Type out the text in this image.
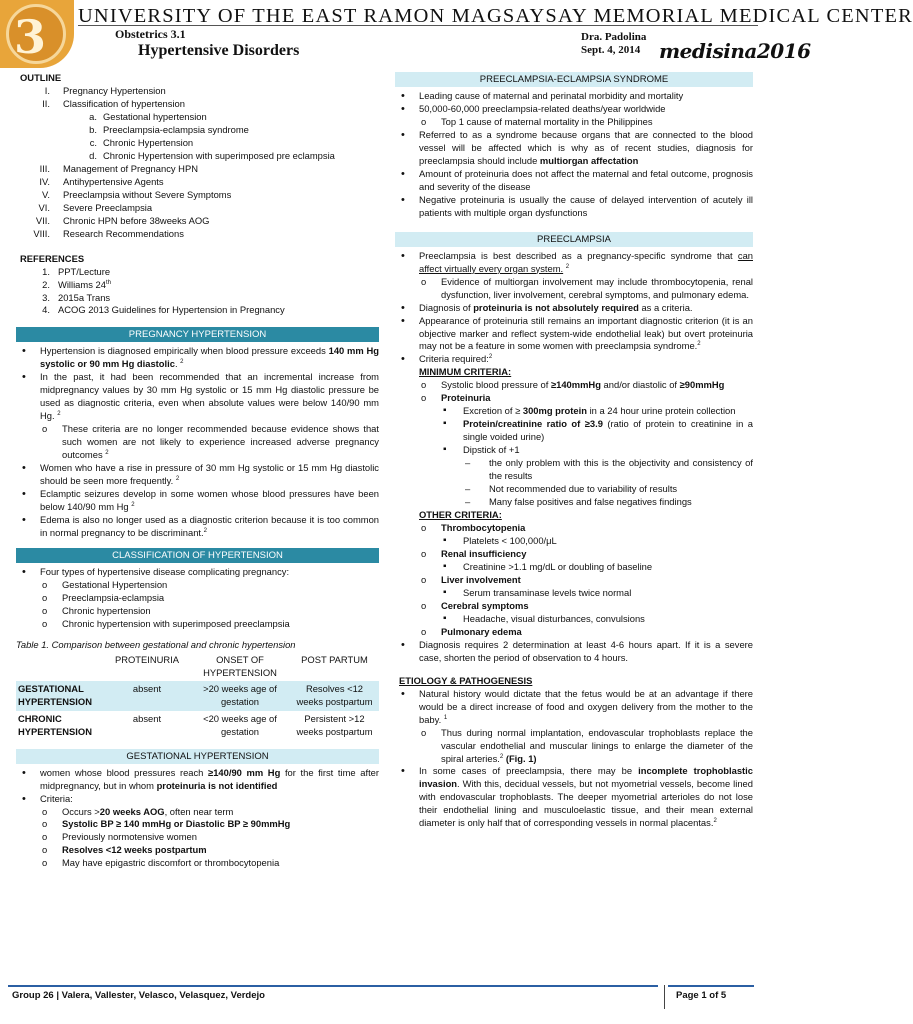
3 UNIVERSITY OF THE EAST RAMON MAGSAYSAY MEMORIAL MEDICAL CENTER
Obstetrics 3.1
Hypertensive Disorders
Dra. Padolina
Sept. 4, 2014 medisina2016
OUTLINE
I. Pregnancy Hypertension
II. Classification of hypertension
a. Gestational hypertension
b. Preeclampsia-eclampsia syndrome
c. Chronic Hypertension
d. Chronic Hypertension with superimposed pre eclampsia
III. Management of Pregnancy HPN
IV. Antihypertensive Agents
V. Preeclampsia without Severe Symptoms
VI. Severe Preeclampsia
VII. Chronic HPN before 38weeks AOG
VIII. Research Recommendations
REFERENCES
1. PPT/Lecture
2. Williams 24th
3. 2015a Trans
4. ACOG 2013 Guidelines for Hypertension in Pregnancy
PREGNANCY HYPERTENSION
• Hypertension is diagnosed empirically when blood pressure exceeds 140 mm Hg systolic or 90 mm Hg diastolic. $^2$
• In the past, it had been recommended that an incremental increase from midpregnancy values by 30 mm Hg systolic or 15 mm Hg diastolic pressure be used as diagnostic criteria, even when absolute values were below 140/90 mm Hg. $^2$
o These criteria are no longer recommended because evidence shows that such women are not likely to experience increased adverse pregnancy outcomes $^2$
• Women who have a rise in pressure of 30 mm Hg systolic or 15 mm Hg diastolic should be seen more frequently. $^2$
• Eclamptic seizures develop in some women whose blood pressures have been below 140/90 mm Hg $^2$
• Edema is also no longer used as a diagnostic criterion because it is too common in normal pregnancy to be discriminant.$^2$
CLASSIFICATION OF HYPERTENSION
• Four types of hypertensive disease complicating pregnancy:
o Gestational Hypertension
o Preeclampsia-eclampsia
o Chronic hypertension
o Chronic hypertension with superimposed preeclampsia
Table 1. Comparison between gestational and chronic hypertension
	PROTEINURIA	ONSET OF HYPERTENSION	POST PARTUM
GESTATIONAL HYPERTENSION	absent	>20 weeks age of gestation	Resolves <12 weeks postpartum
CHRONIC HYPERTENSION	absent	<20 weeks age of gestation	Persistent >12 weeks postpartum
GESTATIONAL HYPERTENSION
• women whose blood pressures reach ≥140/90 mm Hg for the first time after midpregnancy, but in whom proteinuria is not identified
• Criteria:
o Occurs >20 weeks AOG, often near term
o Systolic BP ≥ 140 mmHg or Diastolic BP ≥ 90mmHg
o Previously normotensive women
o Resolves <12 weeks postpartum
o May have epigastric discomfort or thrombocytopenia
PREECLAMPSIA-ECLAMPSIA SYNDROME
• Leading cause of maternal and perinatal morbidity and mortality
• 50,000-60,000 preeclampsia-related deaths/year worldwide
o Top 1 cause of maternal mortality in the Philippines
• Referred to as a syndrome because organs that are connected to the blood vessel will be affected which is why as of recent studies, diagnosis for preeclampsia should include multiorgan affectation
• Amount of proteinuria does not affect the maternal and fetal outcome, prognosis and severity of the disease
• Negative proteinuria is usually the cause of delayed intervention of acutely ill patients with multiple organ dysfunctions
PREECLAMPSIA
• Preeclampsia is best described as a pregnancy-specific syndrome that can affect virtually every organ system. $^2$
o Evidence of multiorgan involvement may include thrombocytopenia, renal dysfunction, liver involvement, cerebral symptoms, and pulmonary edema.
• Diagnosis of proteinuria is not absolutely required as a criteria.
• Appearance of proteinuria still remains an important diagnostic criterion (it is an objective marker and reflect system-wide endothelial leak) but overt proteinuria may not be a feature in some women with preeclampsia syndrome.$^2$
• Criteria required:$^2$
MINIMUM CRITERIA:
o Systolic blood pressure of ≥140mmHg and/or diastolic of ≥90mmHg
o Proteinuria
▪ Excretion of ≥ 300mg protein in a 24 hour urine protein collection
▪ Protein/creatinine ratio of ≥3.9 (ratio of protein to creatinine in a single voided urine)
▪ Dipstick of +1
– the only problem with this is the objectivity and consistency of the results
– Not recommended due to variability of results
– Many false positives and false negatives findings
OTHER CRITERIA:
o Thrombocytopenia
▪ Platelets < 100,000/μL
o Renal insufficiency
▪ Creatinine >1.1 mg/dL or doubling of baseline
o Liver involvement
▪ Serum transaminase levels twice normal
o Cerebral symptoms
▪ Headache, visual disturbances, convulsions
o Pulmonary edema
• Diagnosis requires 2 determination at least 4-6 hours apart. If it is a severe case, shorten the period of observation to 4 hours.
ETIOLOGY & PATHOGENESIS
• Natural history would dictate that the fetus would be at an advantage if there would be a direct increase of food and oxygen delivery from the mother to the baby. $^1$
o Thus during normal implantation, endovascular trophoblasts replace the vascular endothelial and muscular linings to enlarge the diameter of the spiral arteries.$^2$ (Fig. 1)
• In some cases of preeclampsia, there may be incomplete trophoblastic invasion. With this, decidual vessels, but not myometrial vessels, become lined with endovascular trophoblasts. The deeper myometrial arterioles do not lose their endothelial lining and musculoelastic tissue, and their mean external diameter is only half that of corresponding vessels in normal placentas.$^2$
Group 26 | Valera, Vallester, Velasco, Velasquez, Verdejo	Page 1 of 5
